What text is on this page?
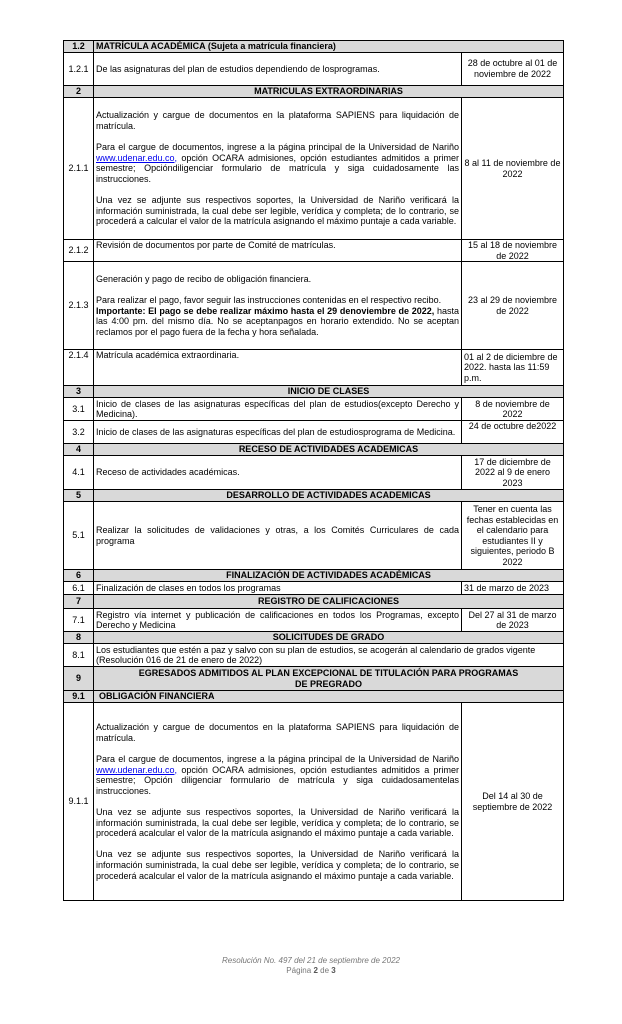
1.2	MATRÍCULA ACADÉMICA (Sujeta a matrícula financiera)	
1.2.1	De las asignaturas del plan de estudios dependiendo de losprogramas.	28 de octubre al 01 de noviembre de 2022
2	MATRICULAS EXTRAORDINARIAS	
2.1.1	Actualización y cargue de documentos en la plataforma SAPIENS para liquidación de matrícula.

Para el cargue de documentos, ingrese a la página principal de la Universidad de Nariño www.udenar.edu.co, opción OCARA admisiones, opción estudiantes admitidos a primer semestre; Opcióndiligenciar formulario de matrícula y siga cuidadosamente las instrucciones.

Una vez se adjunte sus respectivos soportes, la Universidad de Nariño verificará la información suministrada, la cual debe ser legible, verídica y completa; de lo contrario, se procederá a calcular el valor de la matrícula asignando el máximo puntaje a cada variable.	8 al 11 de noviembre de 2022
2.1.2	Revisión de documentos por parte de Comité de matrículas.	15 al 18 de noviembre de 2022
2.1.3	Generación y pago de recibo de obligación financiera.

Para realizar el pago, favor seguir las instrucciones contenidas en el respectivo recibo.

Importante: El pago se debe realizar máximo hasta el 29 denoviembre de 2022, hasta las 4:00 pm. del mismo día. No se aceptanpagos en horario extendido. No se aceptan reclamos por el pago fuera de la fecha y hora señalada.	23 al 29 de noviembre de 2022
2.1.4	Matrícula académica extraordinaria.	01 al 2 de diciembre de 2022. hasta las 11:59 p.m.
3	INICIO DE CLASES	
3.1	Inicio de clases de las asignaturas específicas del plan de estudios(excepto Derecho y Medicina).	8 de noviembre de 2022
3.2	Inicio de clases de las asignaturas específicas del plan de estudiosprograma de Medicina.	24 de octubre de2022
4	RECESO DE ACTIVIDADES ACADEMICAS	
4.1	Receso de actividades académicas.	17 de diciembre de 2022 al 9 de enero 2023
5	DESARROLLO DE ACTIVIDADES ACADEMICAS	
5.1	Realizar la solicitudes de validaciones y otras, a los Comités Curriculares de cada programa	Tener en cuenta las fechas establecidas en el calendario para estudiantes II y siguientes, periodo B 2022
6	FINALIZACIÓN DE ACTIVIDADES ACADÉMICAS	
6.1	Finalización de clases en todos los programas	31 de marzo de 2023
7	REGISTRO DE CALIFICACIONES	
7.1	Registro vía internet y publicación de calificaciones en todos los Programas, excepto Derecho y Medicina	Del 27 al 31 de marzo de 2023
8	SOLICITUDES DE GRADO	
8.1	Los estudiantes que estén a paz y salvo con su plan de estudios, se acogerán al calendario de grados vigente (Resolución 016 de 21 de enero de 2022)	
9	EGRESADOS ADMITIDOS AL PLAN EXCEPCIONAL DE TITULACIÓN PARA PROGRAMAS DE PREGRADO	
9.1	OBLIGACIÓN FINANCIERA	
9.1.1	Actualización y cargue de documentos en la plataforma SAPIENS para liquidación de matrícula.

Para el cargue de documentos, ingrese a la página principal de la Universidad de Nariño www.udenar.edu.co, opción OCARA admisiones, opción estudiantes admitidos a primer semestre; Opción diligenciar formulario de matrícula y siga cuidadosamentelas instrucciones.

Una vez se adjunte sus respectivos soportes, la Universidad de Nariño verificará la información suministrada, la cual debe ser legible, verídica y completa; de lo contrario, se procederá acalcular el valor de la matrícula asignando el máximo puntaje a cada variable.

Una vez se adjunte sus respectivos soportes, la Universidad de Nariño verificará la información suministrada, la cual debe ser legible, verídica y completa; de lo contrario, se procederá acalcular el valor de la matrícula asignando el máximo puntaje a cada variable.	Del 14 al 30 de septiembre de 2022
Resolución No. 497 del 21 de septiembre de 2022
Página 2 de 3
